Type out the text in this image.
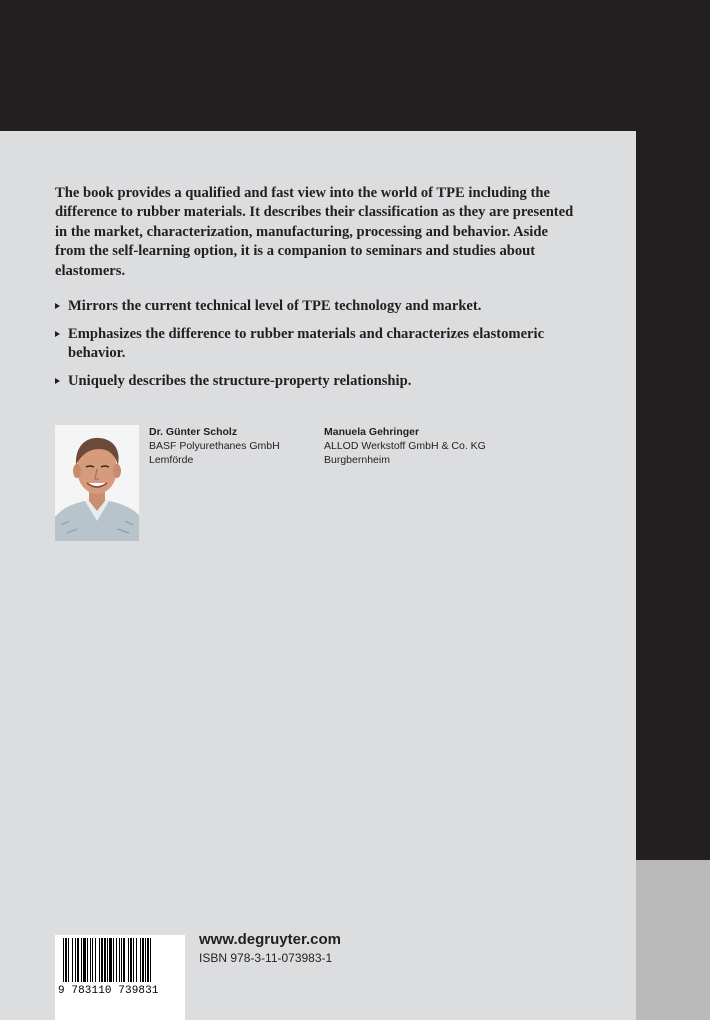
The book provides a qualified and fast view into the world of TPE including the difference to rubber materials. It describes their classification as they are presented in the market, characterization, manufacturing, processing and behavior. Aside from the self-learning option, it is a companion to seminars and studies about elastomers.

Mirrors the current technical level of TPE technology and market.
Emphasizes the difference to rubber materials and characterizes elastomeric behavior.
Uniquely describes the structure-property relationship.
Dr. Günter Scholz
BASF Polyurethanes GmbH
Lemförde
Manuela Gehringer
ALLOD Werkstoff GmbH & Co. KG
Burgbernheim
9 783110 739831
www.degruyter.com
ISBN 978-3-11-073983-1
